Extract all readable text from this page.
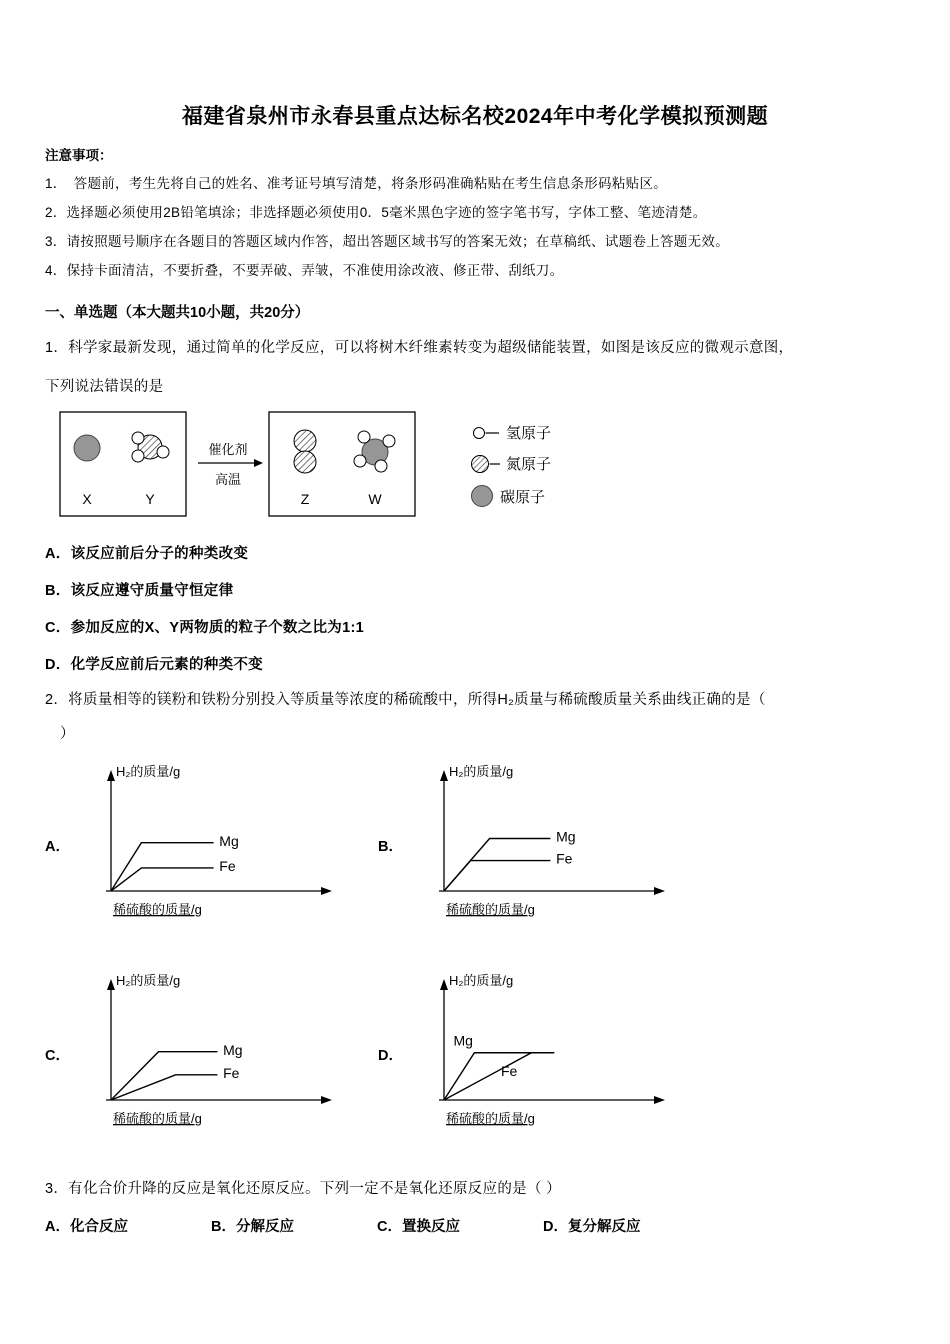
福建省泉州市永春县重点达标名校2024年中考化学模拟预测题
注意事项：
1．　答题前，考生先将自己的姓名、准考证号填写清楚，将条形码准确粘贴在考生信息条形码粘贴区。
2．选择题必须使用2B铅笔填涂；非选择题必须使用0．5毫米黑色字迹的签字笔书写，字体工整、笔迹清楚。
3．请按照题号顺序在各题目的答题区域内作答，超出答题区域书写的答案无效；在草稿纸、试题卷上答题无效。
4．保持卡面清洁，不要折叠，不要弄破、弄皱，不准使用涂改液、修正带、刮纸刀。
一、单选题（本大题共10小题，共20分）
1．科学家最新发现，通过简单的化学反应，可以将树木纤维素转变为超级储能装置，如图是该反应的微观示意图，
下列说法错误的是
X	Y
催化剂
高温
Z	W
氢原子
氮原子
碳原子
A．该反应前后分子的种类改变
B．该反应遵守质量守恒定律
C．参加反应的X、Y两物质的粒子个数之比为1:1
D．化学反应前后元素的种类不变
2．将质量相等的镁粉和铁粉分别投入等质量等浓度的稀硫酸中，所得H₂质量与稀硫酸质量关系曲线正确的是（
）
A．
H₂的质量/g
稀硫酸的质量/g
Mg
Fe
B．
H₂的质量/g
稀硫酸的质量/g
Mg
Fe
C．
H₂的质量/g
稀硫酸的质量/g
Mg
Fe
D．
H₂的质量/g
稀硫酸的质量/g
Mg
Fe
3．有化合价升降的反应是氧化还原反应。下列一定不是氧化还原反应的是（ ）
A．化合反应	B．分解反应	C．置换反应	D．复分解反应
